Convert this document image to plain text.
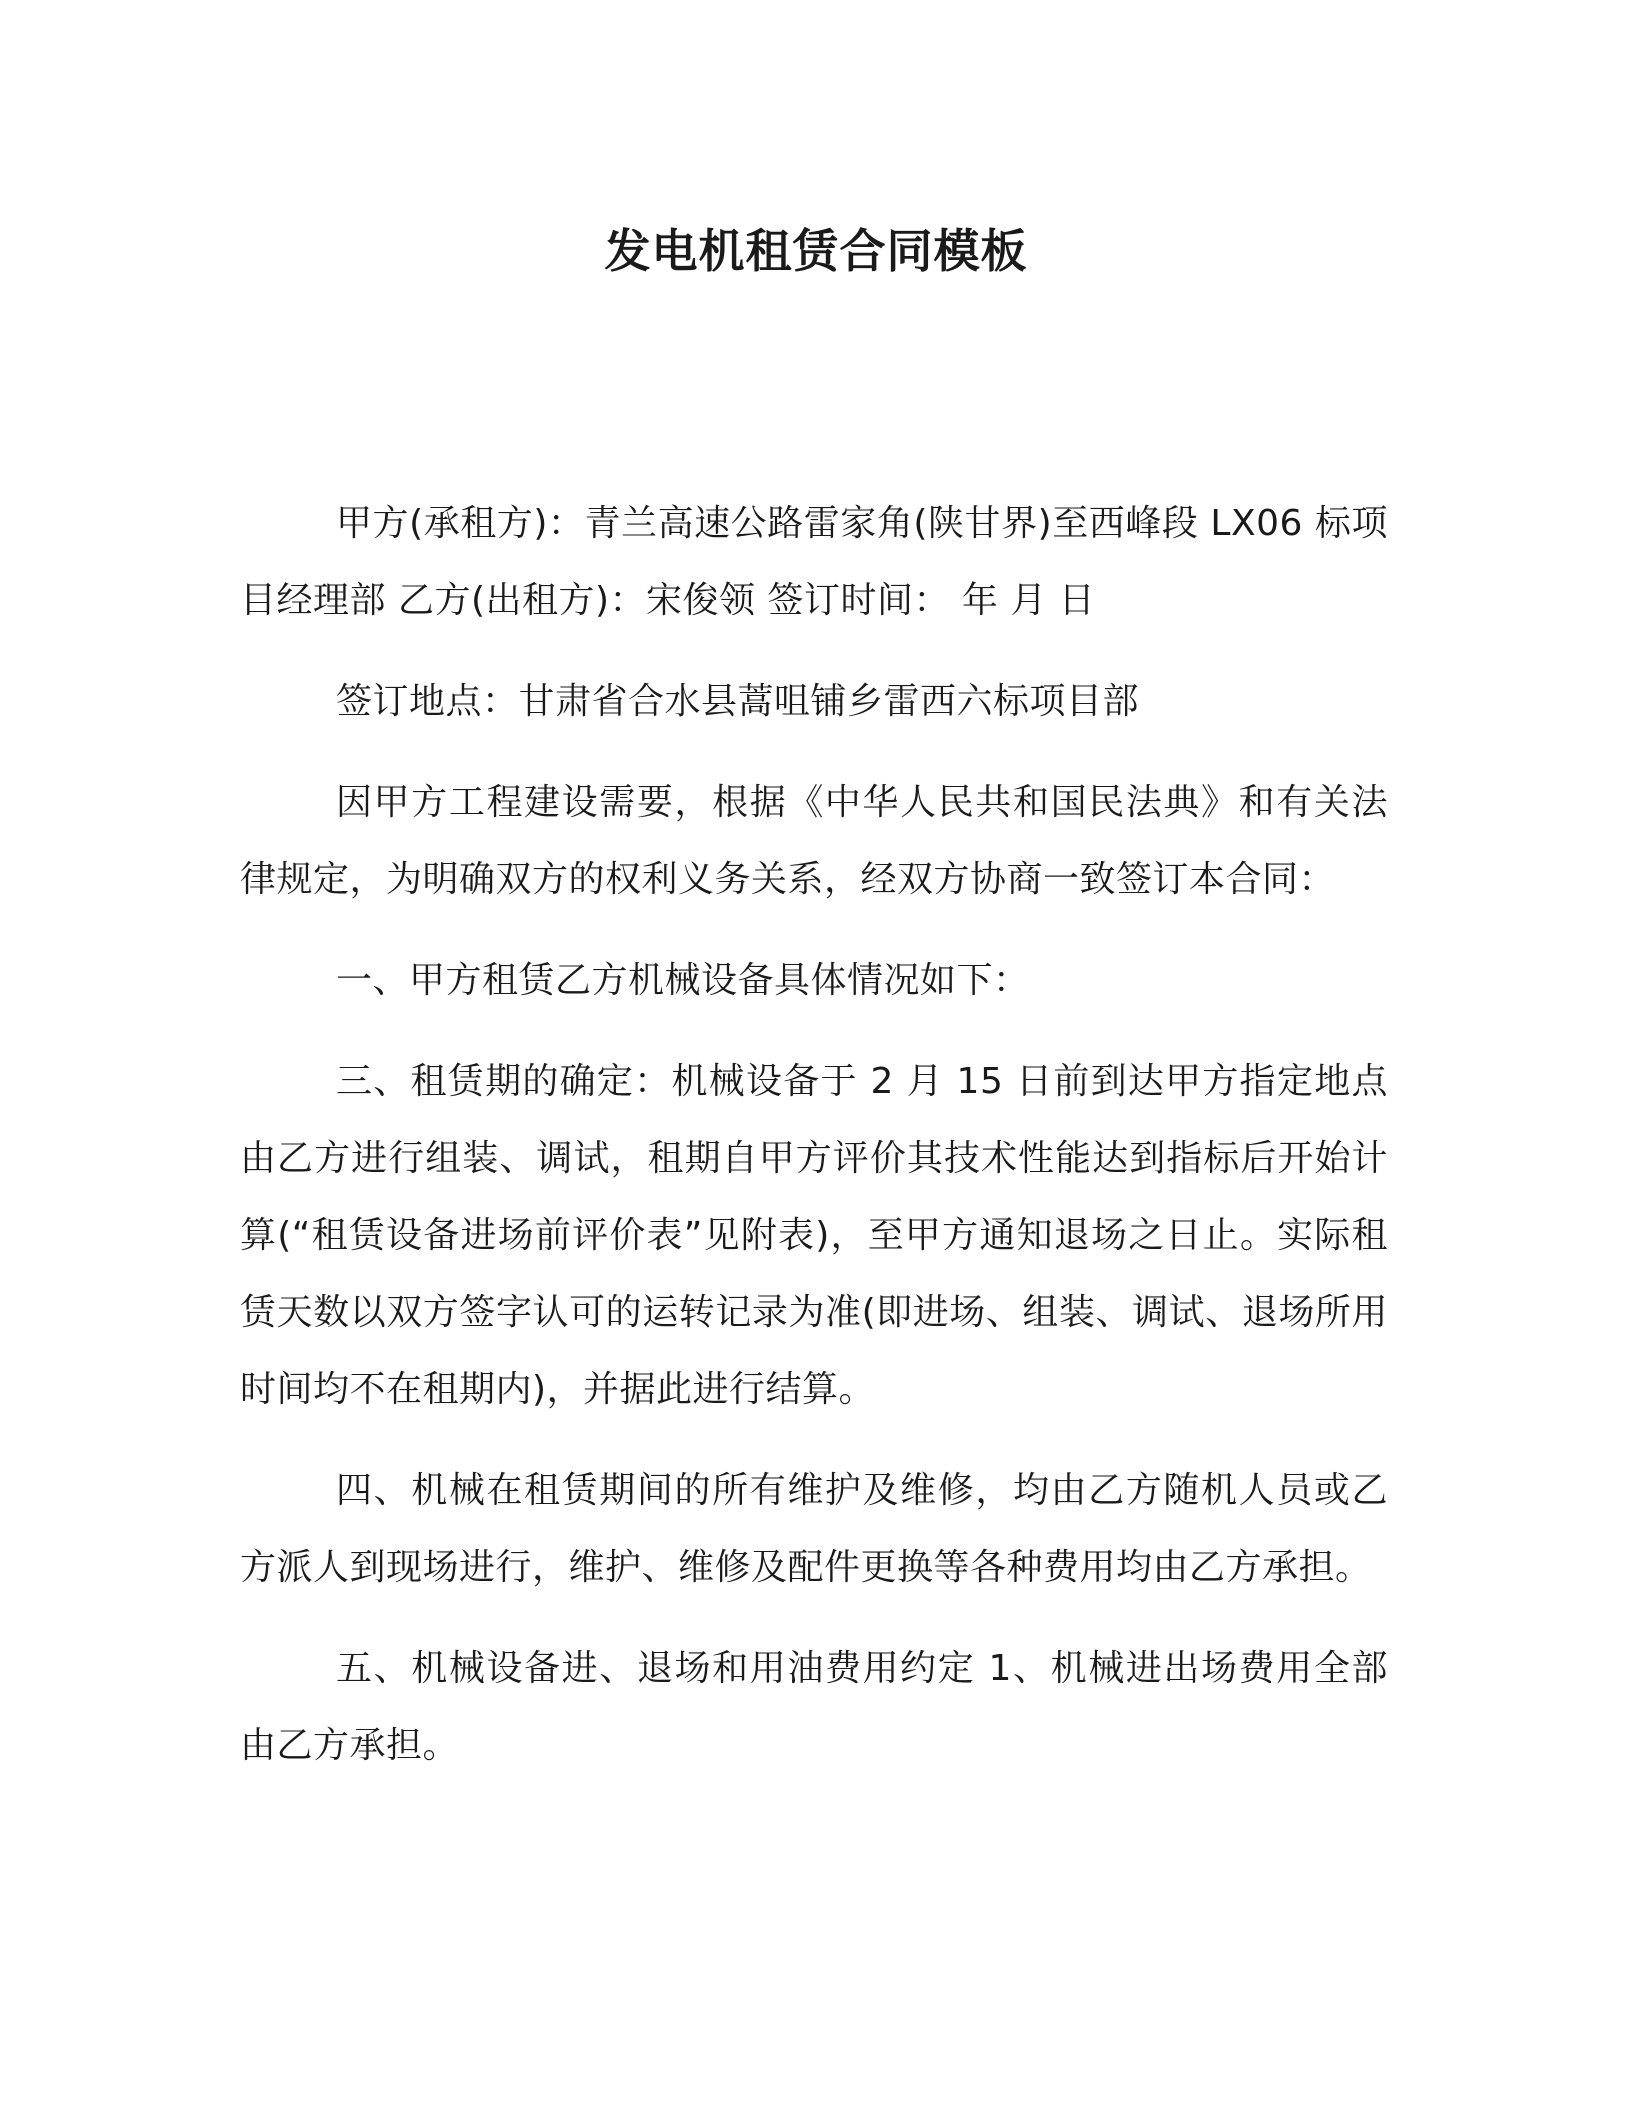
发电机租赁合同模板

甲方(承租方)：青兰高速公路雷家角(陕甘界)至西峰段 LX06 标项目经理部 乙方(出租方)：宋俊领 签订时间： 年 月 日

签订地点：甘肃省合水县蒿咀铺乡雷西六标项目部

因甲方工程建设需要，根据《中华人民共和国民法典》和有关法律规定，为明确双方的权利义务关系，经双方协商一致签订本合同：

一、甲方租赁乙方机械设备具体情况如下：

三、租赁期的确定：机械设备于 2 月 15 日前到达甲方指定地点由乙方进行组装、调试，租期自甲方评价其技术性能达到指标后开始计算(“租赁设备进场前评价表”见附表)，至甲方通知退场之日止。实际租赁天数以双方签字认可的运转记录为准(即进场、组装、调试、退场所用时间均不在租期内)，并据此进行结算。

四、机械在租赁期间的所有维护及维修，均由乙方随机人员或乙方派人到现场进行，维护、维修及配件更换等各种费用均由乙方承担。

五、机械设备进、退场和用油费用约定 1、机械进出场费用全部由乙方承担。
